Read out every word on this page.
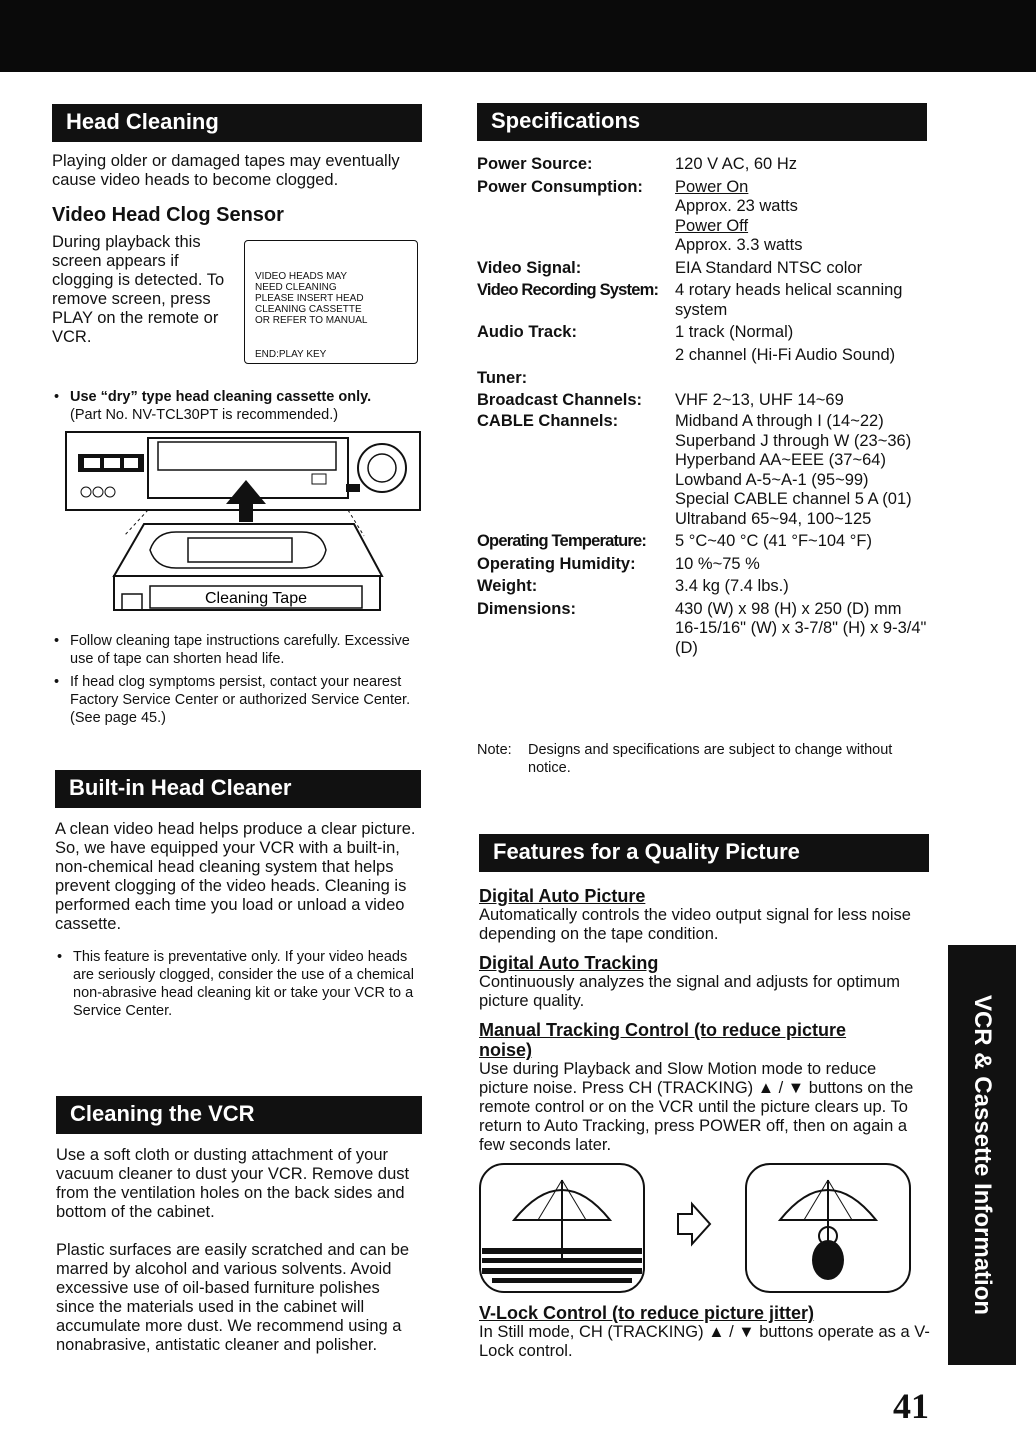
Head Cleaning

Playing older or damaged tapes may eventually cause video heads to become clogged.

Video Head Clog Sensor

During playback this screen appears if clogging is detected. To remove screen, press PLAY on the remote or VCR.

VIDEO HEADS MAY
NEED CLEANING
PLEASE INSERT HEAD
CLEANING CASSETTE
OR REFER TO MANUAL
END:PLAY KEY
• Use “dry” type head cleaning cassette only.
(Part No. NV-TCL30PT is recommended.)
Cleaning Tape
• Follow cleaning tape instructions carefully. Excessive use of tape can shorten head life.
• If head clog symptoms persist, contact your nearest Factory Service Center or authorized Service Center. (See page 45.)
Built-in Head Cleaner

A clean video head helps produce a clear picture. So, we have equipped your VCR with a built-in, non-chemical head cleaning system that helps prevent clogging of the video heads. Cleaning is performed each time you load or unload a video cassette.

• This feature is preventative only. If your video heads are seriously clogged, consider the use of a chemical non-abrasive head cleaning kit or take your VCR to a Service Center.
Cleaning the VCR

Use a soft cloth or dusting attachment of your vacuum cleaner to dust your VCR. Remove dust from the ventilation holes on the back sides and bottom of the cabinet.

Plastic surfaces are easily scratched and can be marred by alcohol and various solvents. Avoid excessive use of oil-based furniture polishes since the materials used in the cabinet will accumulate more dust. We recommend using a nonabrasive, antistatic cleaner and polisher.

Specifications
Power Source:	120 V AC, 60 Hz
Power Consumption:	Power On
Approx. 23 watts
Power Off
Approx. 3.3 watts
Video Signal:	EIA Standard NTSC color
Video Recording System:	4 rotary heads helical scanning system
Audio Track:	1 track (Normal)
2 channel (Hi-Fi Audio Sound)
Tuner:
Broadcast Channels:	VHF 2~13, UHF 14~69
CABLE Channels:	Midband A through I (14~22)
Superband J through W (23~36)
Hyperband AA~EEE (37~64)
Lowband A-5~A-1 (95~99)
Special CABLE channel 5 A (01)
Ultraband 65~94, 100~125
Operating Temperature:	5 °C~40 °C (41 °F~104 °F)
Operating Humidity:	10 %~75 %
Weight:	3.4 kg (7.4 lbs.)
Dimensions:	430 (W) x 98 (H) x 250 (D) mm
16-15/16" (W) x 3-7/8" (H) x 9-3/4" (D)
Note:	Designs and specifications are subject to change without notice.
Features for a Quality Picture
Digital Auto Picture

Automatically controls the video output signal for less noise depending on the tape condition.

Digital Auto Tracking

Continuously analyzes the signal and adjusts for optimum picture quality.

Manual Tracking Control (to reduce picture noise)

Use during Playback and Slow Motion mode to reduce picture noise. Press CH (TRACKING) ▲ / ▼ buttons on the remote control or on the VCR until the picture clears up. To return to Auto Tracking, press POWER off, then on again a few seconds later.

V-Lock Control (to reduce picture jitter)

In Still mode, CH (TRACKING) ▲ / ▼ buttons operate as a V-Lock control.

VCR & Cassette Information
41
